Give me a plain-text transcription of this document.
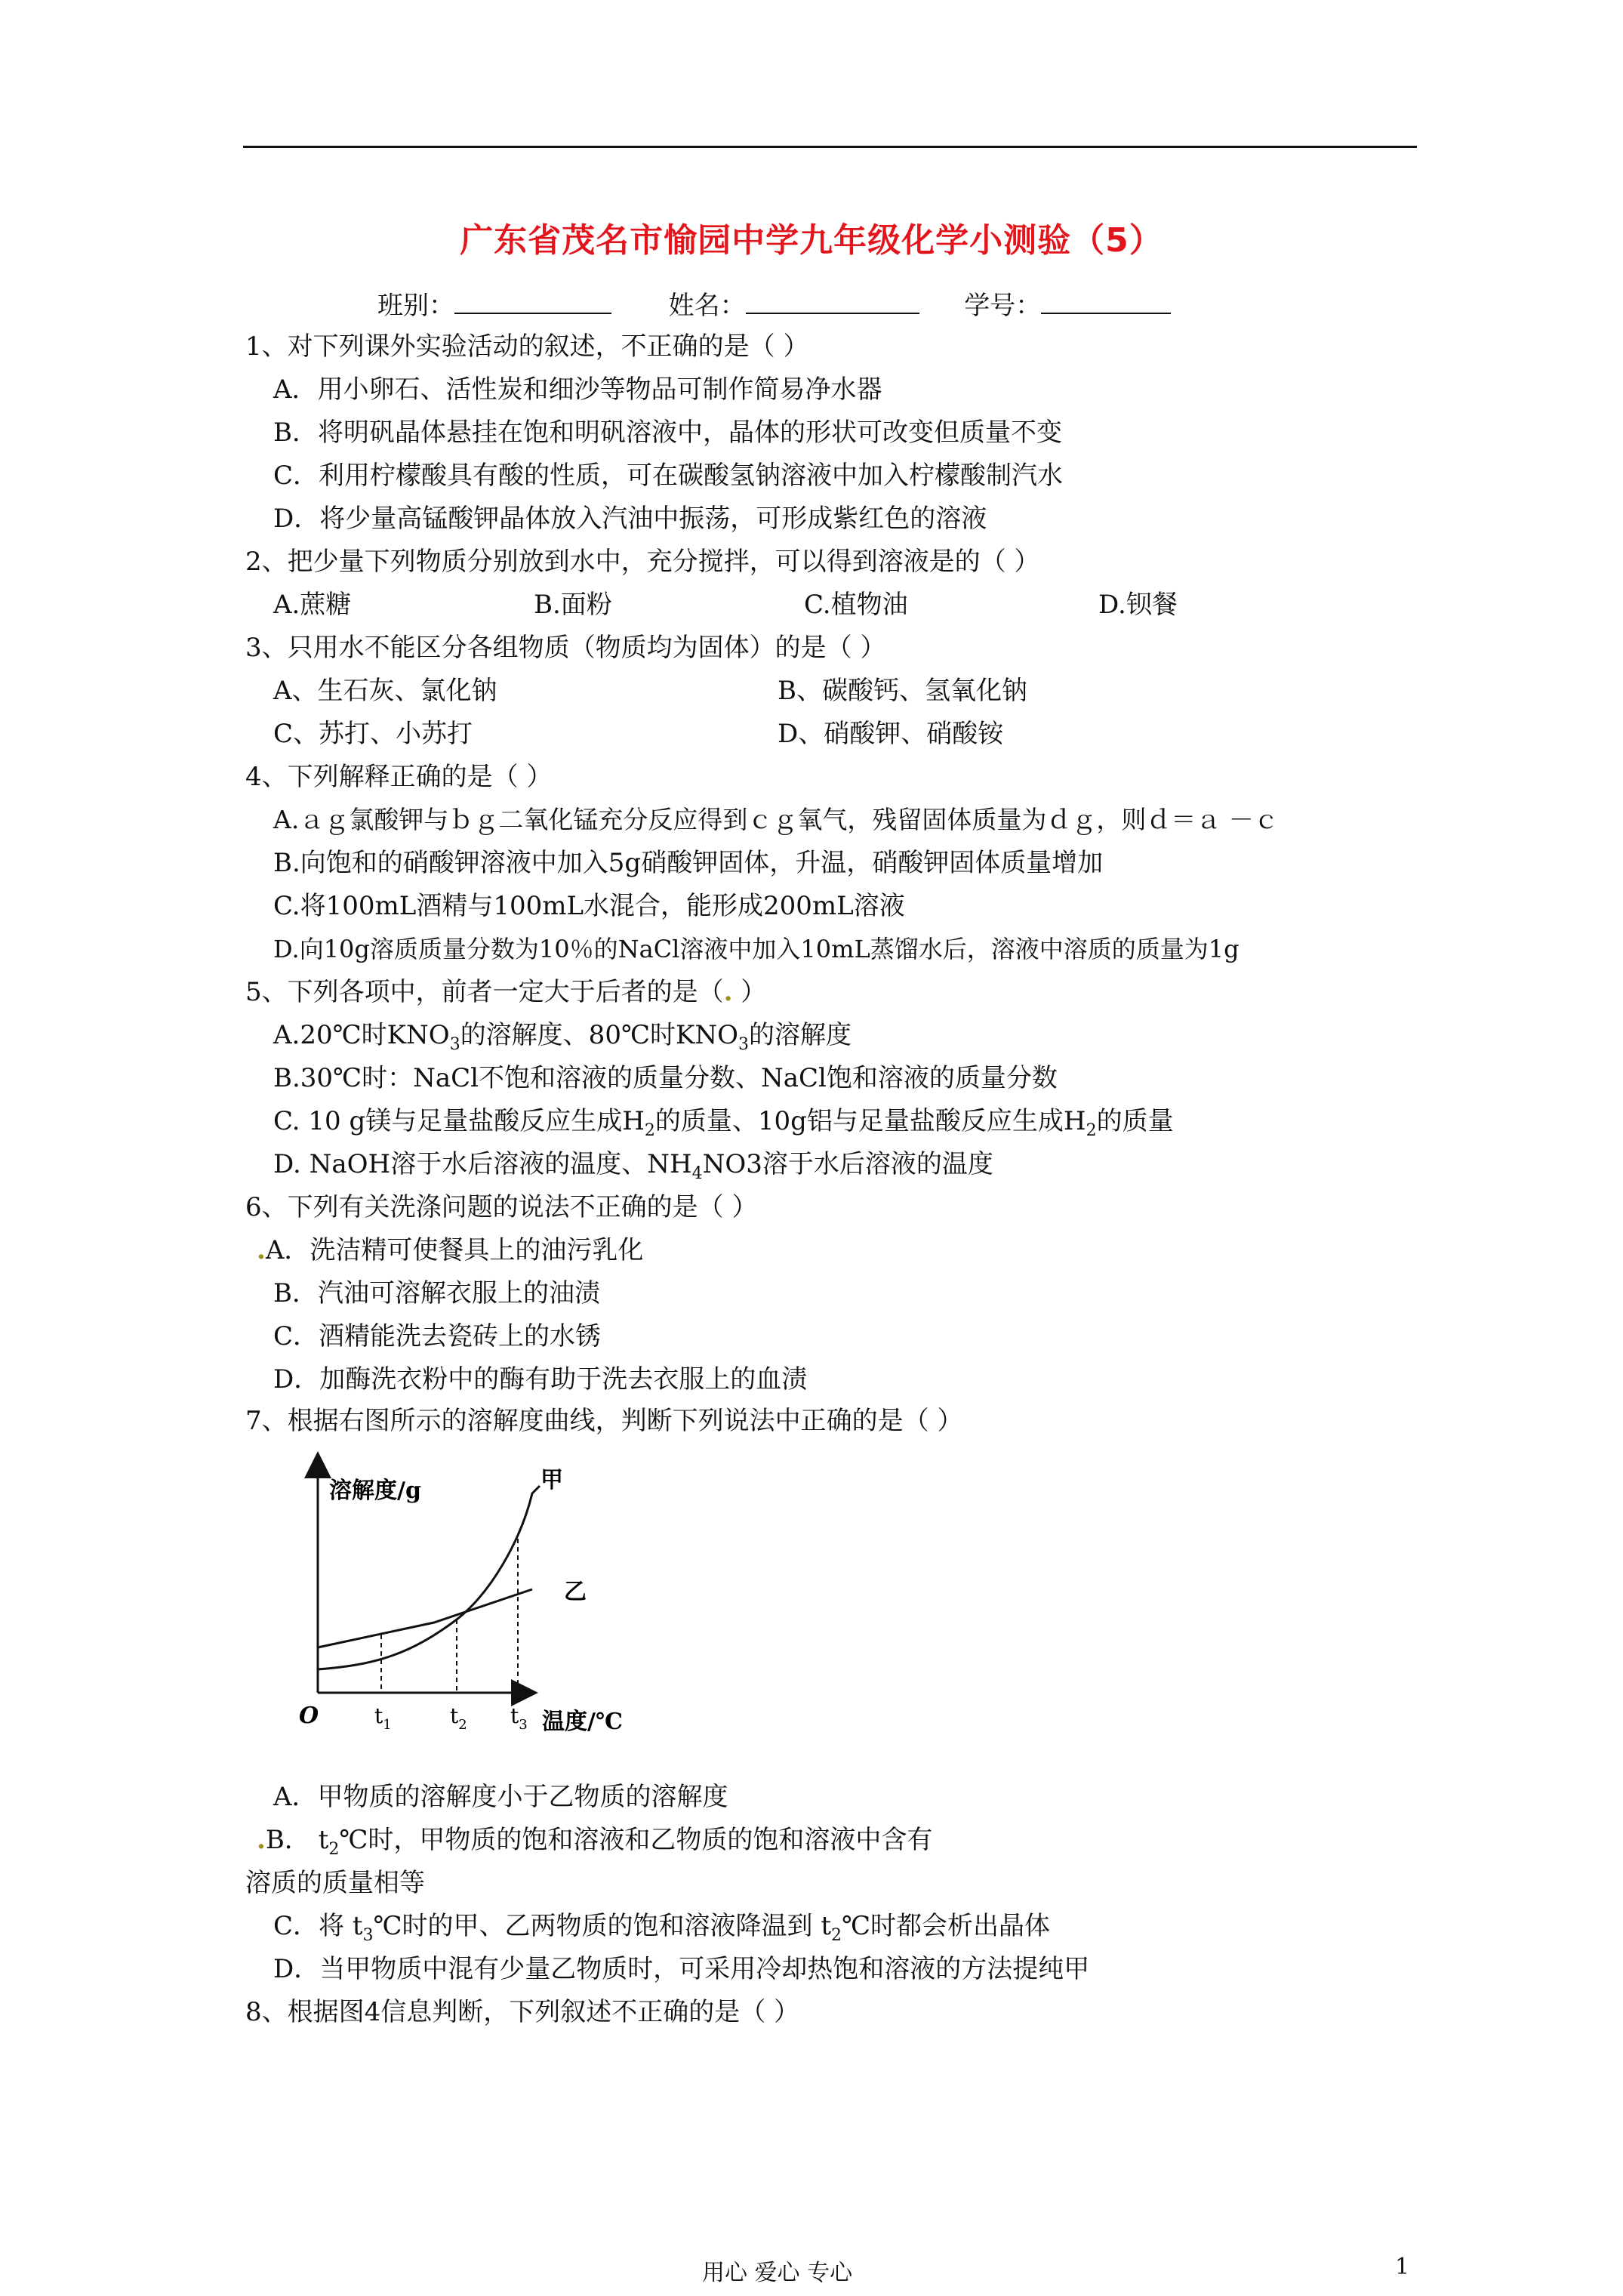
广东省茂名市愉园中学九年级化学小测验（5）
班别：	姓名：	学号：
1、对下列课外实验活动的叙述，不正确的是（ ）
A．用小卵石、活性炭和细沙等物品可制作简易净水器
B．将明矾晶体悬挂在饱和明矾溶液中，晶体的形状可改变但质量不变
C．利用柠檬酸具有酸的性质，可在碳酸氢钠溶液中加入柠檬酸制汽水
D．将少量高锰酸钾晶体放入汽油中振荡，可形成紫红色的溶液
2、把少量下列物质分别放到水中，充分搅拌，可以得到溶液是的（ ）
A.蔗糖	B.面粉	C.植物油	D.钡餐
3、只用水不能区分各组物质（物质均为固体）的是（ ）
A、生石灰、氯化钠	B、碳酸钙、氢氧化钠
C、苏打、小苏打	D、硝酸钾、硝酸铵
4、下列解释正确的是（ ）
A.ａｇ氯酸钾与ｂｇ二氧化锰充分反应得到ｃｇ氧气，残留固体质量为ｄｇ，则ｄ＝ａ －ｃ
B.向饱和的硝酸钾溶液中加入5g硝酸钾固体，升温，硝酸钾固体质量增加
C.将100mL酒精与100mL水混合，能形成200mL溶液
D.向10g溶质质量分数为10％的NaCl溶液中加入10mL蒸馏水后，溶液中溶质的质量为1g
5、下列各项中，前者一定大于后者的是（. ）
A.20℃时$KNO_3$的溶解度、80℃时$KNO_3$的溶解度
B.30℃时：NaCl不饱和溶液的质量分数、NaCl饱和溶液的质量分数
C. 10 g镁与足量盐酸反应生成$H_2$的质量、10g铝与足量盐酸反应生成$H_2$的质量
D. NaOH溶于水后溶液的温度、$NH_4NO3$溶于水后溶液的温度
6、下列有关洗涤问题的说法不正确的是（ ）
.A．洗洁精可使餐具上的油污乳化
B．汽油可溶解衣服上的油渍
C．酒精能洗去瓷砖上的水锈
D．加酶洗衣粉中的酶有助于洗去衣服上的血渍
7、根据右图所示的溶解度曲线，判断下列说法中正确的是（ ）
溶解度/g
温度/℃
O
甲
乙
$t_1$	$t_2$ $t_3$
A．甲物质的溶解度小于乙物质的溶解度
.B． $t_2℃$时，甲物质的饱和溶液和乙物质的饱和溶液中含有
溶质的质量相等
C．将 $t_3℃$时的甲、乙两物质的饱和溶液降温到 $t_2℃$时都会析出晶体
D．当甲物质中混有少量乙物质时，可采用冷却热饱和溶液的方法提纯甲
8、根据图4信息判断，下列叙述不正确的是（ ）
用心 爱心 专心	1
